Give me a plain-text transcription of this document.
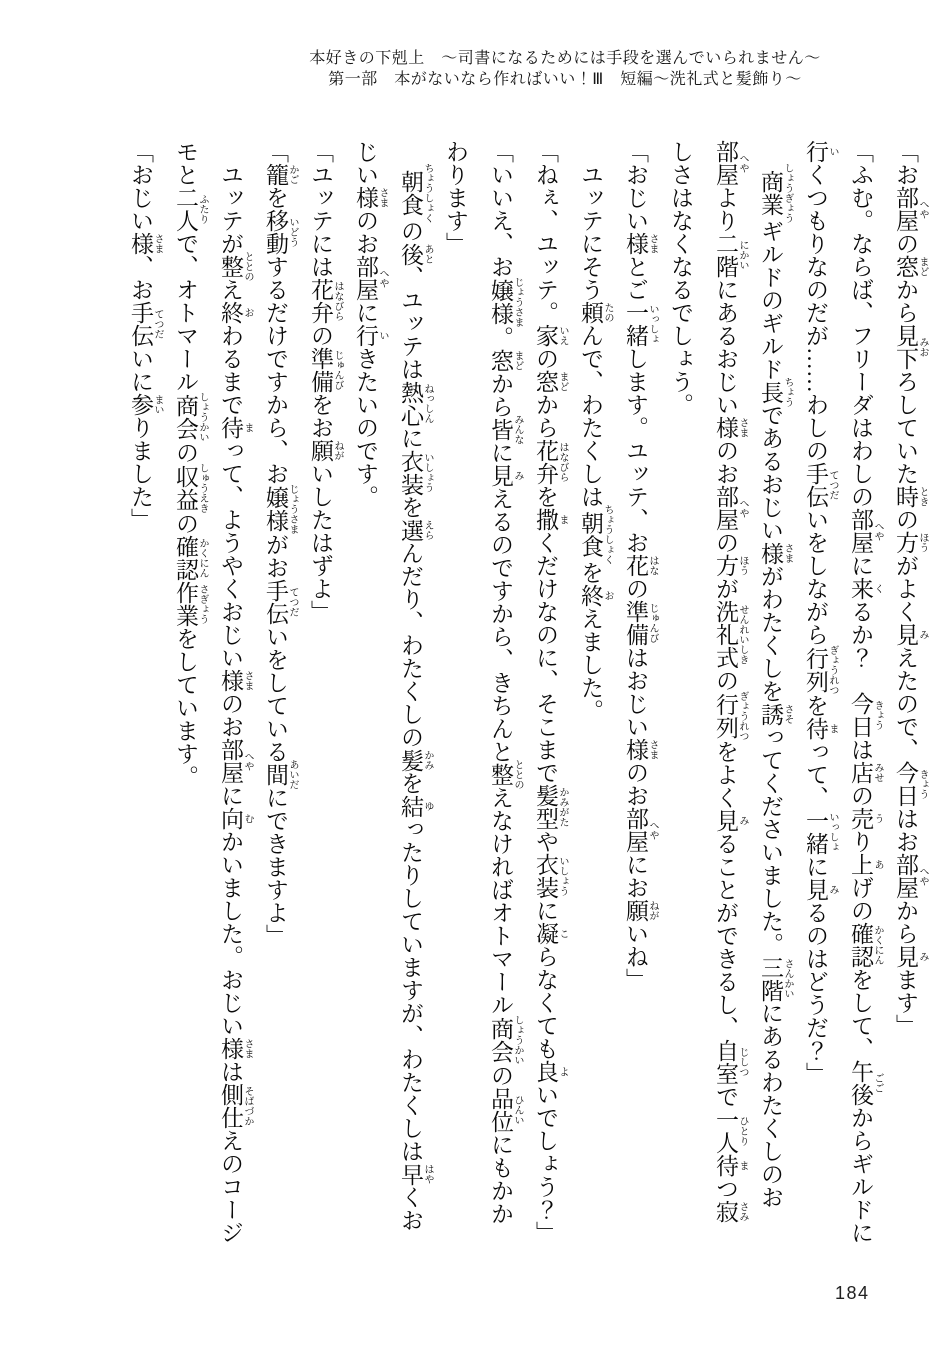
本好きの下剋上　～司書になるためには手段を選んでいられません～
第一部　本がないなら作ればいい！Ⅲ　短編～洗礼式と髪飾り～

「お部屋 へやの窓 まどから見下 みおろしていた時 ときの方 ほうがよく見 みえたので、今日 きょうはお部屋 へやから見 みます」

「ふむ。ならば、フリーダはわしの部屋 へやに来 くるか？　今日 きょうは店 みせの売 うり上 あげの確認 かくにんをして、午後 ごごからギルドに行 いくつもりなのだが……わしの手伝 てつだいをしながら行列 ぎょうれつを待 まって、一緒 いっしょに見 みるのはどうだ？」

商業 しょうぎょうギルドのギルド長 ちょうであるおじい様 さまがわたくしを誘 さそってくださいました。三階 さんかいにあるわたくしのお部屋 へやより二階 にかいにあるおじい様 さまのお部屋 へやの方 ほうが洗礼式 せんれいしきの行列 ぎょうれつをよく見 みることができるし、自室 じしつで一人 ひとり待 まつ寂 さみしさはなくなるでしょう。

「おじい様 さまとご一緒 いっしょします。ユッテ、お花 はなの準備 じゅんびはおじい様 さまのお部屋 へやにお願 ねがいね」

ユッテにそう頼 たのんで、わたくしは朝食 ちょうしょくを終 おえました。

「ねぇ、ユッテ。家 いえの窓 まどから花弁 はなびらを撒 まくだけなのに、そこまで髪型 かみがたや衣装 いしょうに凝 こらなくても良 よいでしょう？」

「いいえ、お嬢様 じょうさま。窓 まどから皆 みんなに見 みえるのですから、きちんと整 ととのえなければオトマール商会 しょうかいの品位 ひんいにもかかわります」

朝食 ちょうしょくの後 あと、ユッテは熱心 ねっしんに衣装 いしょうを選 えらんだり、わたくしの髪 かみを結 ゆったりしていますが、わたくしは早 はやくおじい様 さまのお部屋 へやに行 いきたいのです。

「ユッテには花弁 はなびらの準備 じゅんびをお願 ねがいしたはずよ」

「籠 かごを移動 いどうするだけですから、お嬢様 じょうさまがお手伝 てつだいをしている間 あいだにできますよ」

ユッテが整 ととのえ終 おわるまで待 まって、ようやくおじい様 さまのお部屋 へやに向 むかいました。おじい様 さまは側仕 そばづかえのコージモと二人 ふたりで、オトマール商会 しょうかいの収益 しゅうえきの確認 かくにん作業 さぎょうをしています。

「おじい様 さま、お手伝 てつだいに参 まいりました」

184
